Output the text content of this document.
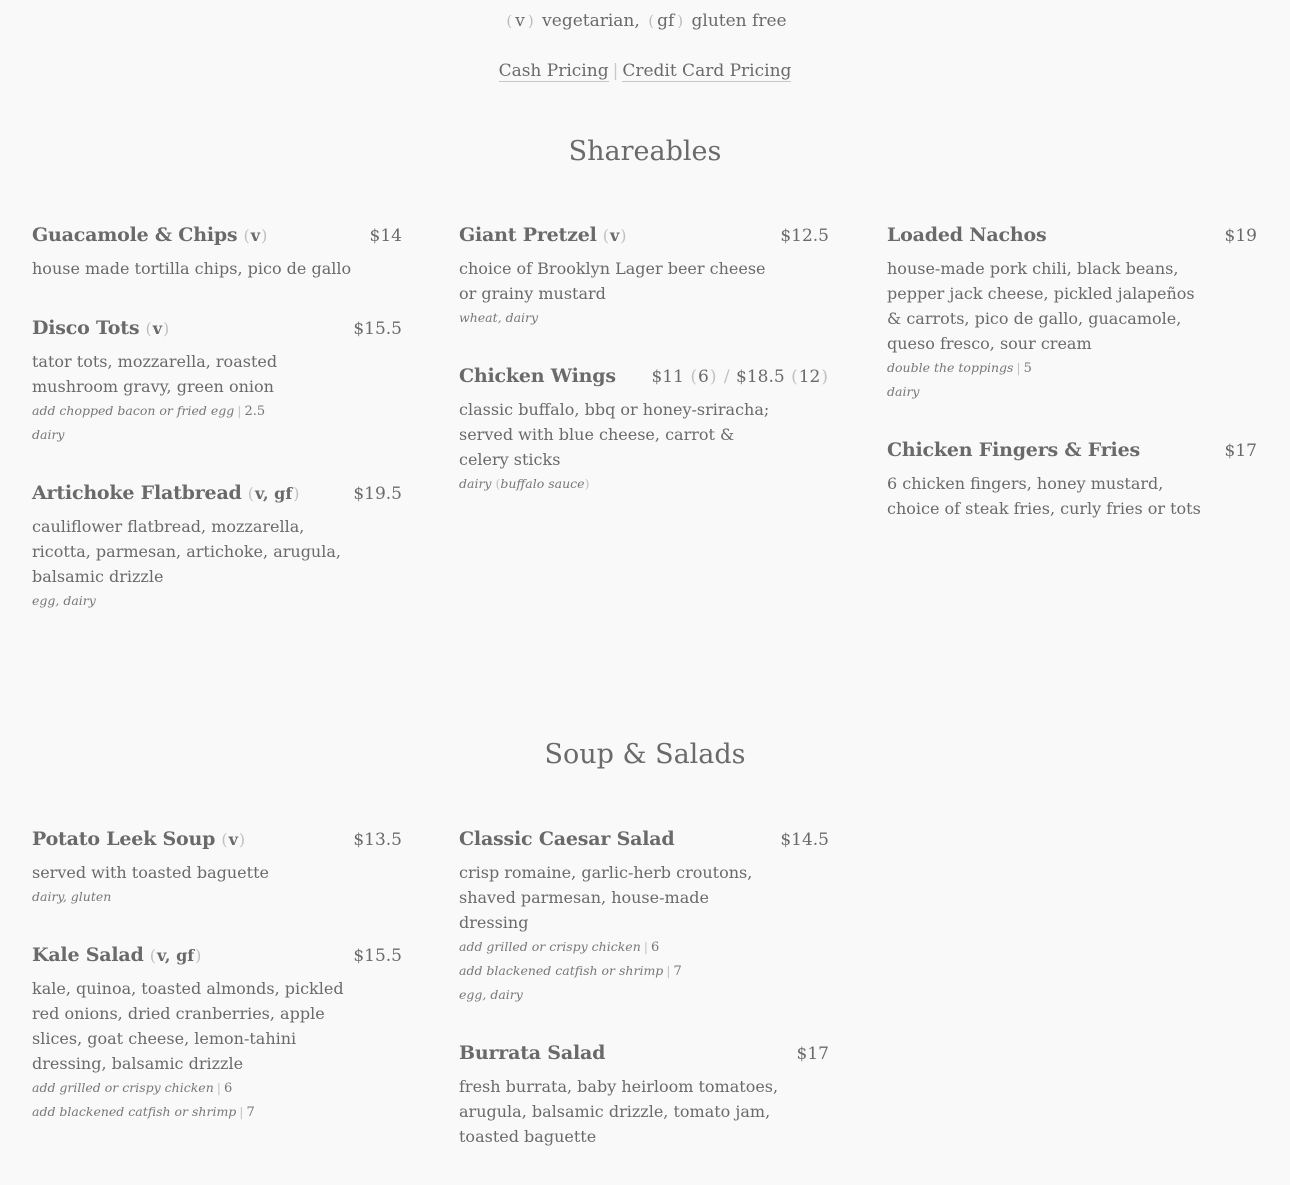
( v ) vegetarian, ( gf ) gluten free
Cash Pricing | Credit Card Pricing
Shareables
Guacamole & Chips (v)	$14
house made tortilla chips, pico de gallo
Disco Tots (v)	$15.5
tator tots, mozzarella, roasted mushroom gravy, green onion
add chopped bacon or fried egg | 2.5
dairy
Artichoke Flatbread (v, gf)	$19.5
cauliflower flatbread, mozzarella, ricotta, parmesan, artichoke, arugula, balsamic drizzle
egg, dairy
Giant Pretzel (v)	$12.5
choice of Brooklyn Lager beer cheese or grainy mustard
wheat, dairy
Chicken Wings $11 (6) / $18.5 (12)
classic buffalo, bbq or honey-sriracha; served with blue cheese, carrot & celery sticks
dairy (buffalo sauce)
Loaded Nachos	$19
house-made pork chili, black beans, pepper jack cheese, pickled jalapeños & carrots, pico de gallo, guacamole, queso fresco, sour cream
double the toppings | 5
dairy
Chicken Fingers & Fries	$17
6 chicken fingers, honey mustard, choice of steak fries, curly fries or tots
Soup & Salads
Potato Leek Soup (v)	$13.5
served with toasted baguette
dairy, gluten
Kale Salad (v, gf)	$15.5
kale, quinoa, toasted almonds, pickled red onions, dried cranberries, apple slices, goat cheese, lemon-tahini dressing, balsamic drizzle
add grilled or crispy chicken | 6
add blackened catfish or shrimp | 7
Classic Caesar Salad	$14.5
crisp romaine, garlic-herb croutons, shaved parmesan, house-made dressing
add grilled or crispy chicken | 6
add blackened catfish or shrimp | 7
egg, dairy
Burrata Salad	$17
fresh burrata, baby heirloom tomatoes, arugula, balsamic drizzle, tomato jam, toasted baguette
